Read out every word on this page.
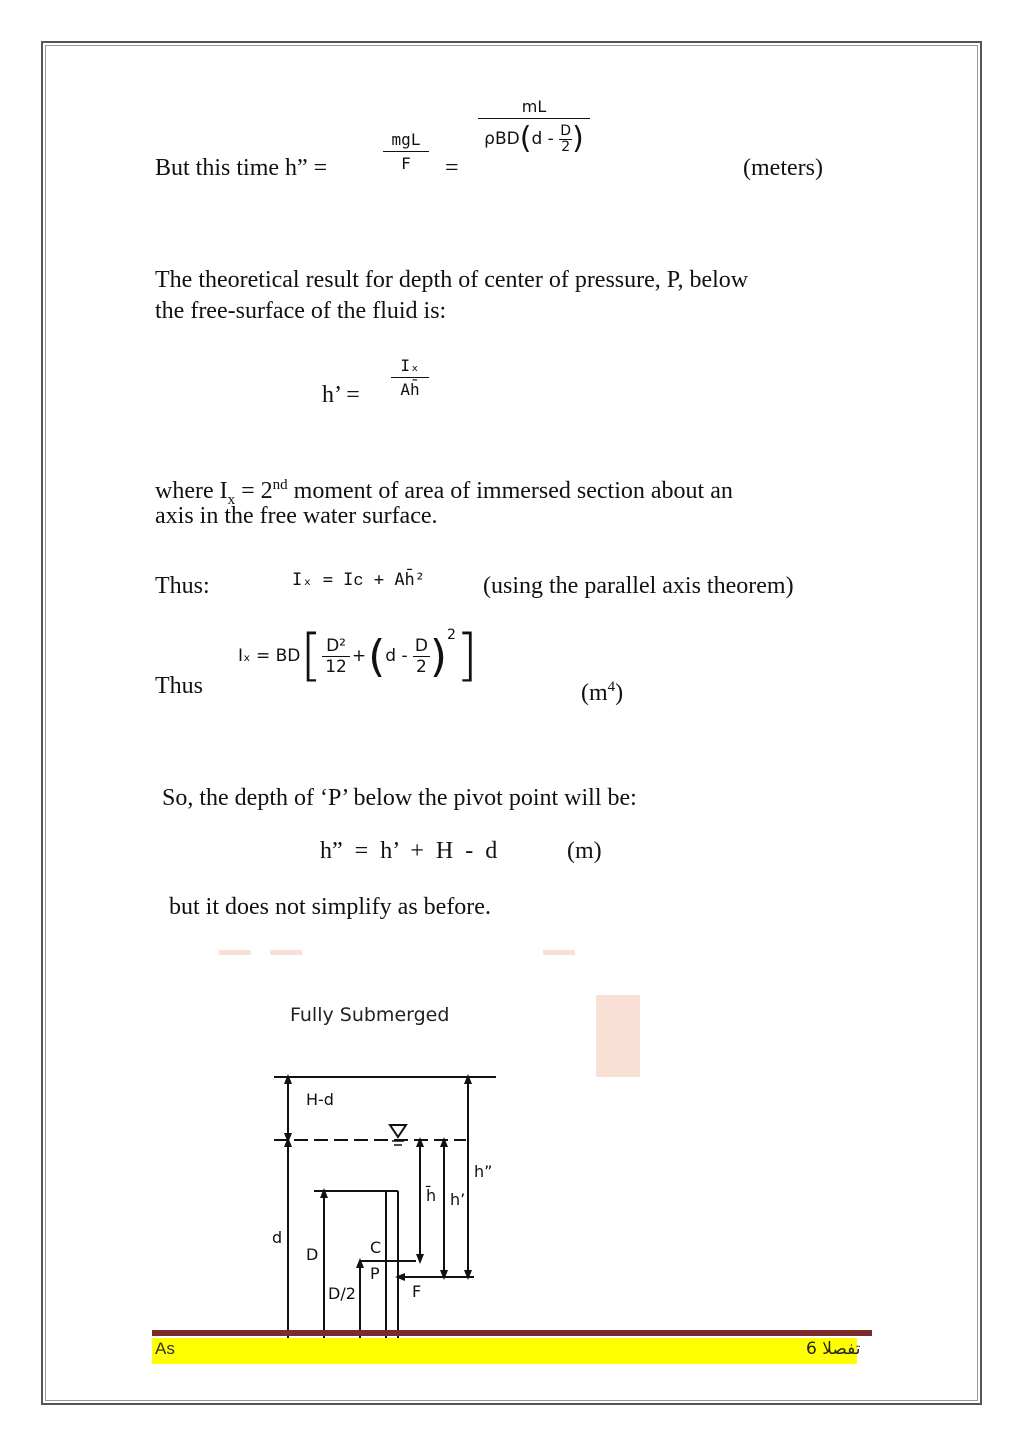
But this time h” =
mgL
F	=
mL
$\rho BD(d - \frac{D}{2})$
(meters)
The theoretical result for depth of center of pressure, P, below
the free-surface of the fluid is:
h’ =
Iₓ
Ah̄
where $I_x = 2nd$ moment of area of immersed section about an
axis in the free water surface.
Thus:	Iₓ = Iᴄ + Ah̄² (using the parallel axis theorem)
Thus
$I_x = BD[\frac{\text{D²}}{12} +(d - \frac{D}{2})^2]$
$(m^4)$
So, the depth of ‘P’ below the pivot point will be:
h”  =  h’  +  H  -  d	(m)
but it does not simplify as before.
Fully Submerged
H-d
d
D
D/2
h̄ h’
h”
C
P
F
As	تفصلا 6
